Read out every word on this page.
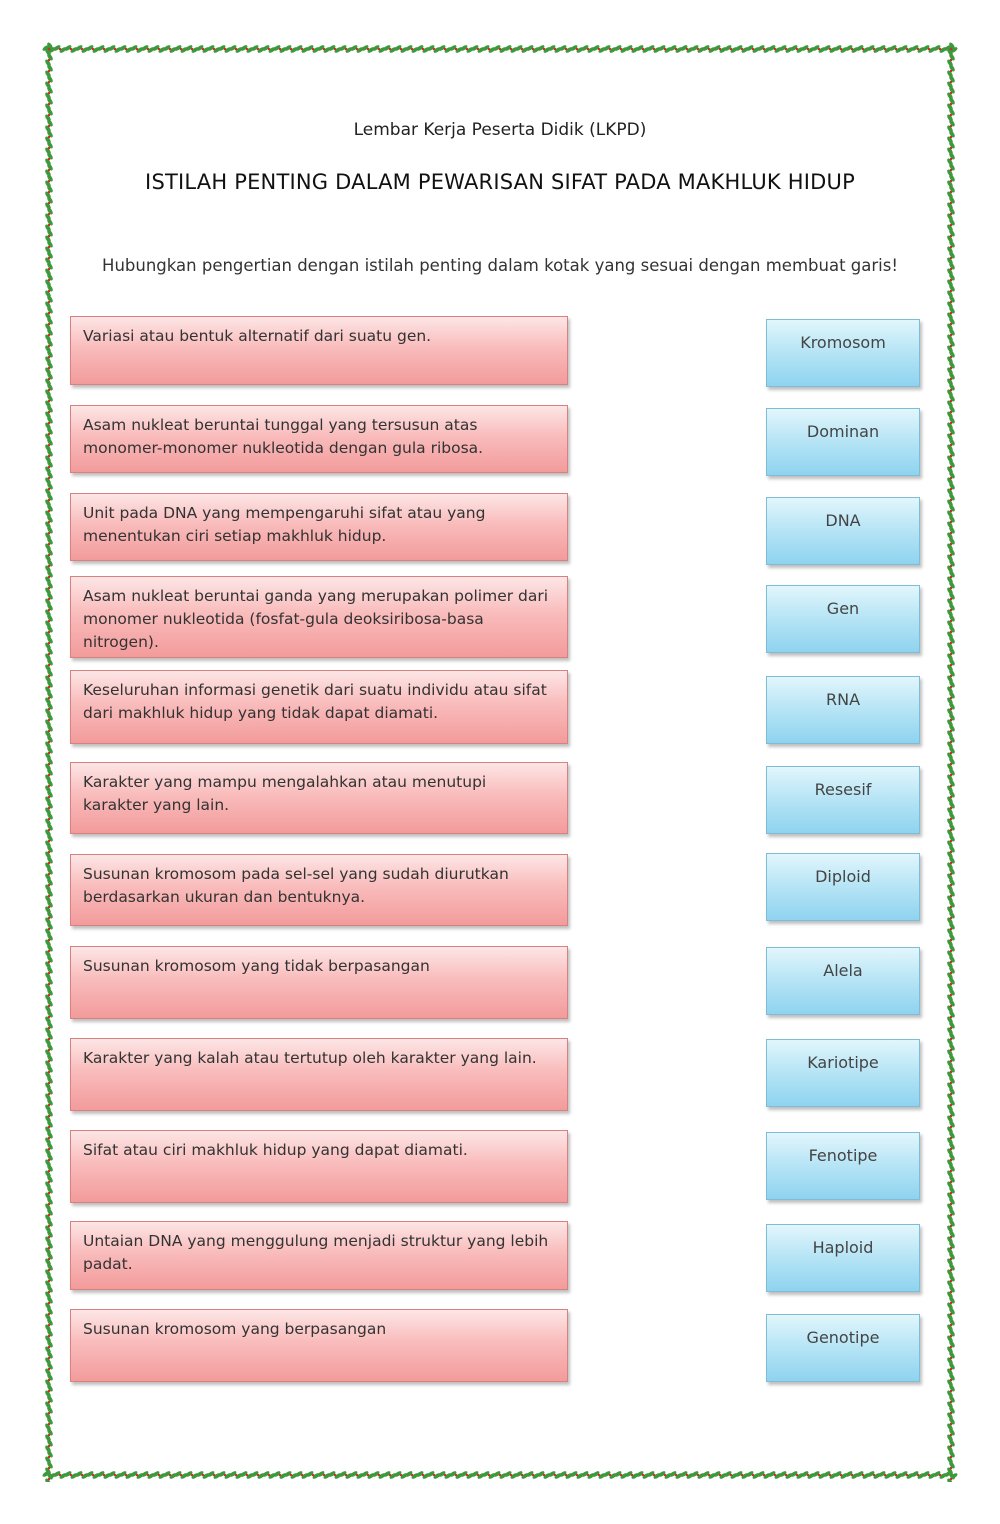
Lembar Kerja Peserta Didik (LKPD)
ISTILAH PENTING DALAM PEWARISAN SIFAT PADA MAKHLUK HIDUP
Hubungkan pengertian dengan istilah penting dalam kotak yang sesuai dengan membuat garis!
Variasi atau bentuk alternatif dari suatu gen.
Asam nukleat beruntai tunggal yang tersusun atas monomer-monomer nukleotida dengan gula ribosa.
Unit pada DNA yang mempengaruhi sifat atau yang menentukan ciri setiap makhluk hidup.
Asam nukleat beruntai ganda yang merupakan polimer dari monomer nukleotida (fosfat-gula deoksiribosa-basa nitrogen).
Keseluruhan informasi genetik dari suatu individu atau sifat dari makhluk hidup yang tidak dapat diamati.
Karakter yang mampu mengalahkan atau menutupi karakter yang lain.
Susunan kromosom pada sel-sel yang sudah diurutkan berdasarkan ukuran dan bentuknya.
Susunan kromosom yang tidak berpasangan
Karakter yang kalah atau tertutup oleh karakter yang lain.
Sifat atau ciri makhluk hidup yang dapat diamati.
Untaian DNA yang menggulung menjadi struktur yang lebih padat.
Susunan kromosom yang berpasangan
Kromosom
Dominan
DNA
Gen
RNA
Resesif
Diploid
Alela
Kariotipe
Fenotipe
Haploid
Genotipe
